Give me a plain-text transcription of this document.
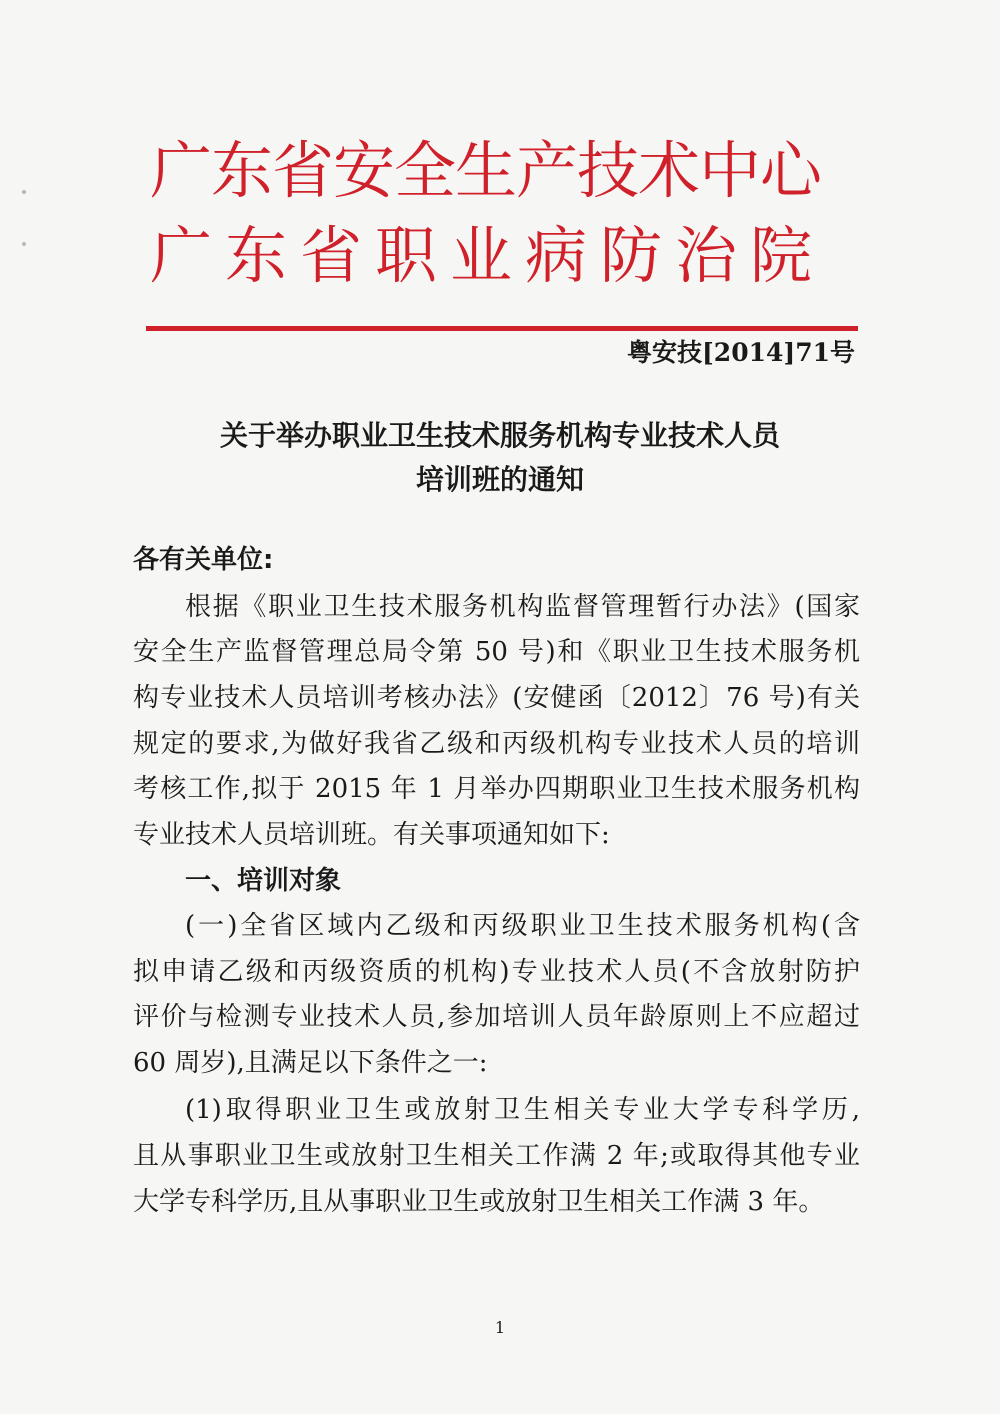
广东省安全生产技术中心
广东省职业病防治院
粤安技[2014]71号
关于举办职业卫生技术服务机构专业技术人员
培训班的通知
各有关单位:
根据《职业卫生技术服务机构监督管理暂行办法》(国家
安全生产监督管理总局令第 50 号)和《职业卫生技术服务机
构专业技术人员培训考核办法》(安健函〔2012〕76 号)有关
规定的要求,为做好我省乙级和丙级机构专业技术人员的培训
考核工作,拟于 2015 年 1 月举办四期职业卫生技术服务机构
专业技术人员培训班。有关事项通知如下:
一、培训对象
(一)全省区域内乙级和丙级职业卫生技术服务机构(含
拟申请乙级和丙级资质的机构)专业技术人员(不含放射防护
评价与检测专业技术人员,参加培训人员年龄原则上不应超过
60 周岁),且满足以下条件之一:
(1)取得职业卫生或放射卫生相关专业大学专科学历,
且从事职业卫生或放射卫生相关工作满 2 年;或取得其他专业
大学专科学历,且从事职业卫生或放射卫生相关工作满 3 年。
1
